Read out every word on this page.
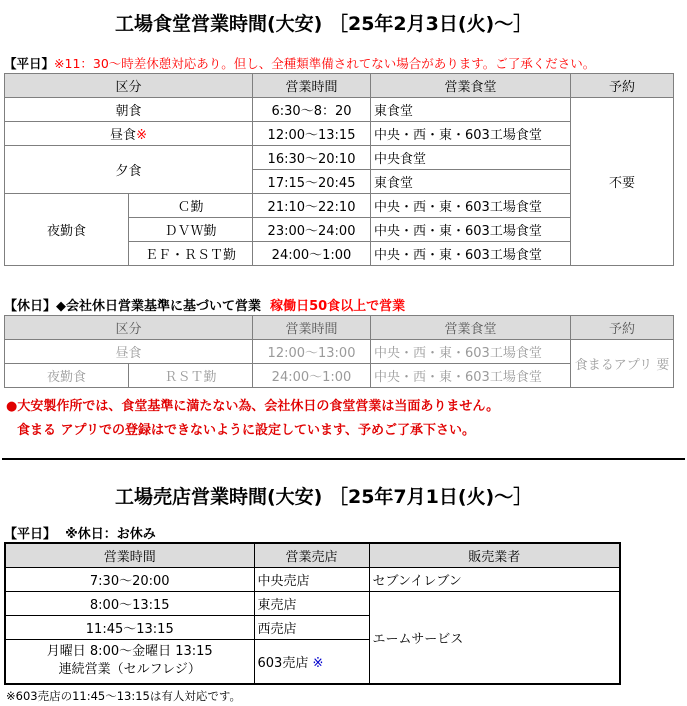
工場食堂営業時間(大安) ［25年2月3日(火)～］
【平日】※11：30～時差休憩対応あり。但し、全種類準備されてない場合があります。ご了承ください。
区分		営業時間	営業食堂	予約
朝食		6:30～8：20	東食堂	不要
昼食※		12:00～13:15	中央・西・東・603工場食堂	
夕食		16:30～20:10	中央食堂	
		17:15～20:45	東食堂	
夜勤食	Ｃ勤	21:10～22:10	中央・西・東・603工場食堂	
	ＤＶＷ勤	23:00～24:00	中央・西・東・603工場食堂	
	ＥＦ・ＲＳＴ勤	24:00～1:00	中央・西・東・603工場食堂	
【休日】◆会社休日営業基準に基づいて営業 稼働日50食以上で営業
区分		営業時間	営業食堂	予約
昼食		12:00～13:00	中央・西・東・603工場食堂	食まるアプリ 要
夜勤食	ＲＳＴ勤	24:00～1:00	中央・西・東・603工場食堂	
●大安製作所では、食堂基準に満たない為、会社休日の食堂営業は当面ありません。
食まる アプリでの登録はできないように設定しています、予めご了承下さい。
工場売店営業時間(大安) ［25年7月1日(火)～］
【平日】 ※休日：お休み
営業時間	営業売店	販売業者
7:30～20:00	中央売店	セブンイレブン
8:00～13:15	東売店	エームサービス
11:45～13:15	西売店	

月曜日 8:00～金曜日 13:15
連続営業（セルフレジ）	603売店 ※	
※603売店の11:45～13:15は有人対応です。
